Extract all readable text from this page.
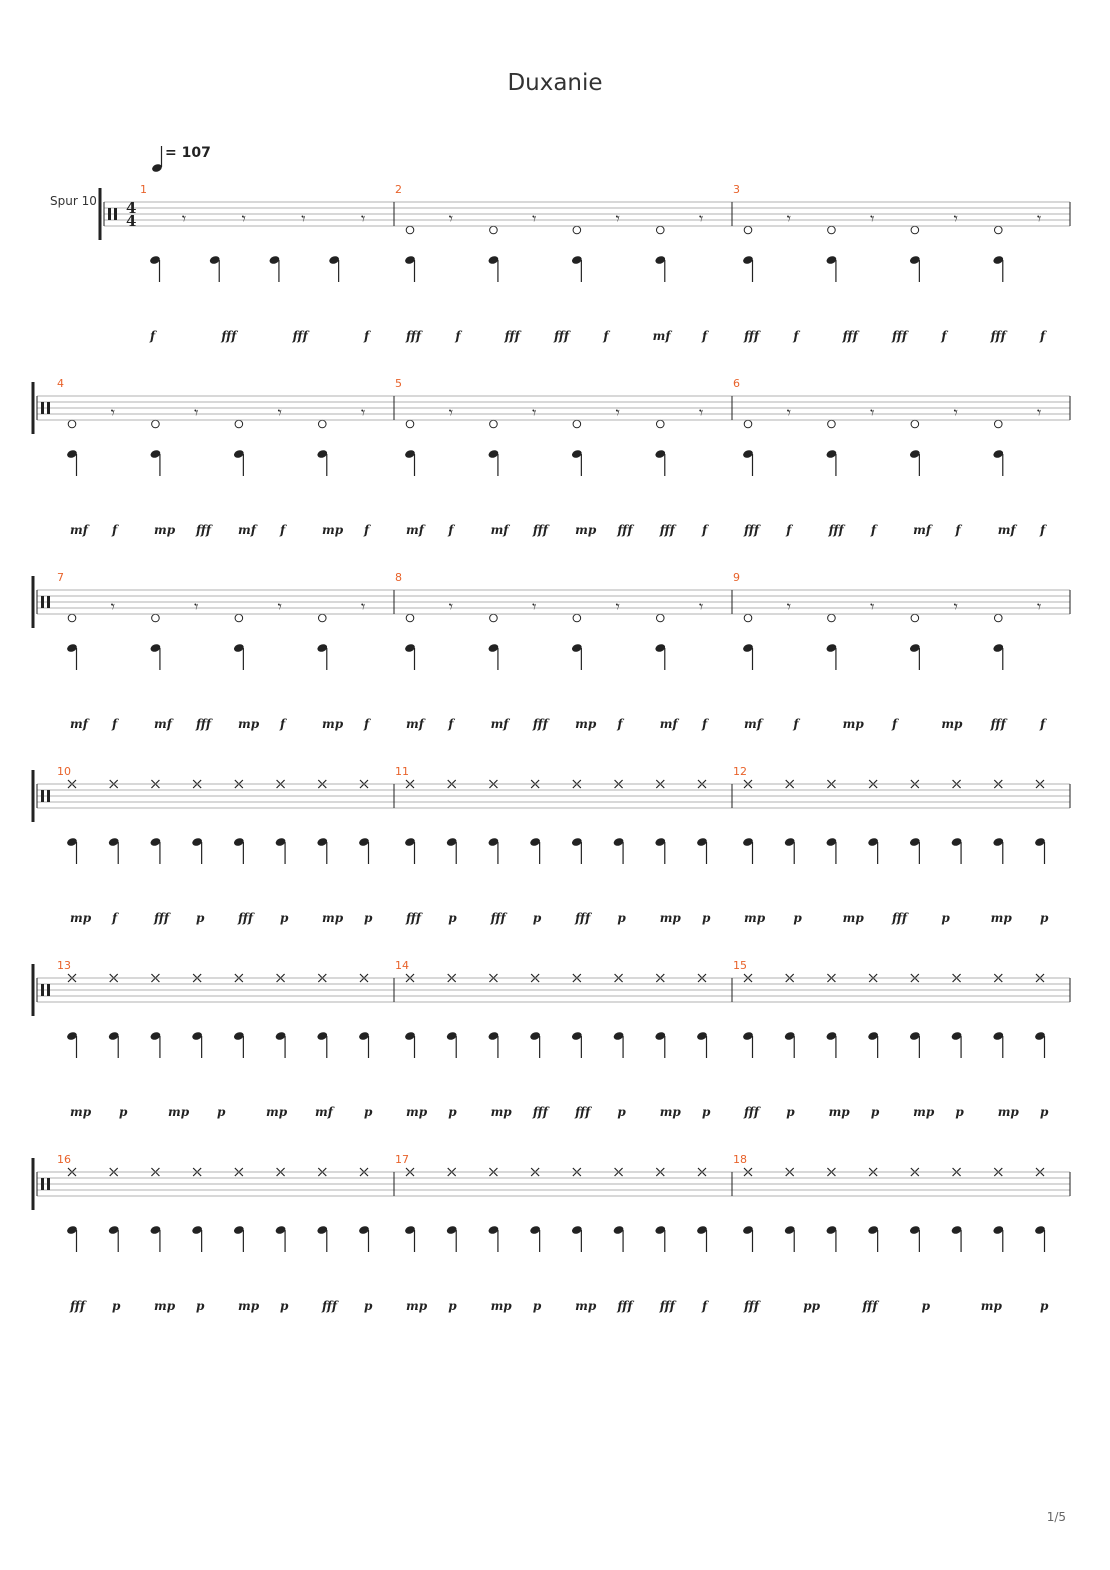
Duxanie
Spur 10
= 107
1/5
1
f	fff	fff	f
𝄾	𝄾	𝄾	𝄾
2
fff	f	fff	fff	f	mf	f
𝄾	𝄾	𝄾	𝄾
3
fff	f	fff	fff	f	fff	f
𝄾	𝄾	𝄾	𝄾
4
mf f	mp fff mf f	mp f
𝄾	𝄾	𝄾	𝄾
5
mf f	mf fff mp fff fff f
𝄾	𝄾	𝄾	𝄾
6
fff f	fff f	mf f	mf f
𝄾	𝄾	𝄾	𝄾
7
mf f	mf fff mp f	mp f
𝄾	𝄾	𝄾	𝄾
8
mf f	mf fff mp f	mf f
𝄾	𝄾	𝄾	𝄾
9
mf	f	mp f	mp fff	f
𝄾	𝄾	𝄾	𝄾
10
mp f	fff p	fff p	mp p
11
fff p	fff p	fff p	mp p
12
mp p	mp fff	p	mp p
13
mp p	mp p	mp mf	p
14
mp p	mp fff fff p	mp p
15
fff p	mp p	mp p	mp p
16
fff p	mp p	mp p	fff p
17
mp p	mp p	mp fff fff f
18
fff	pp	fff	p	mp	p
4
4
